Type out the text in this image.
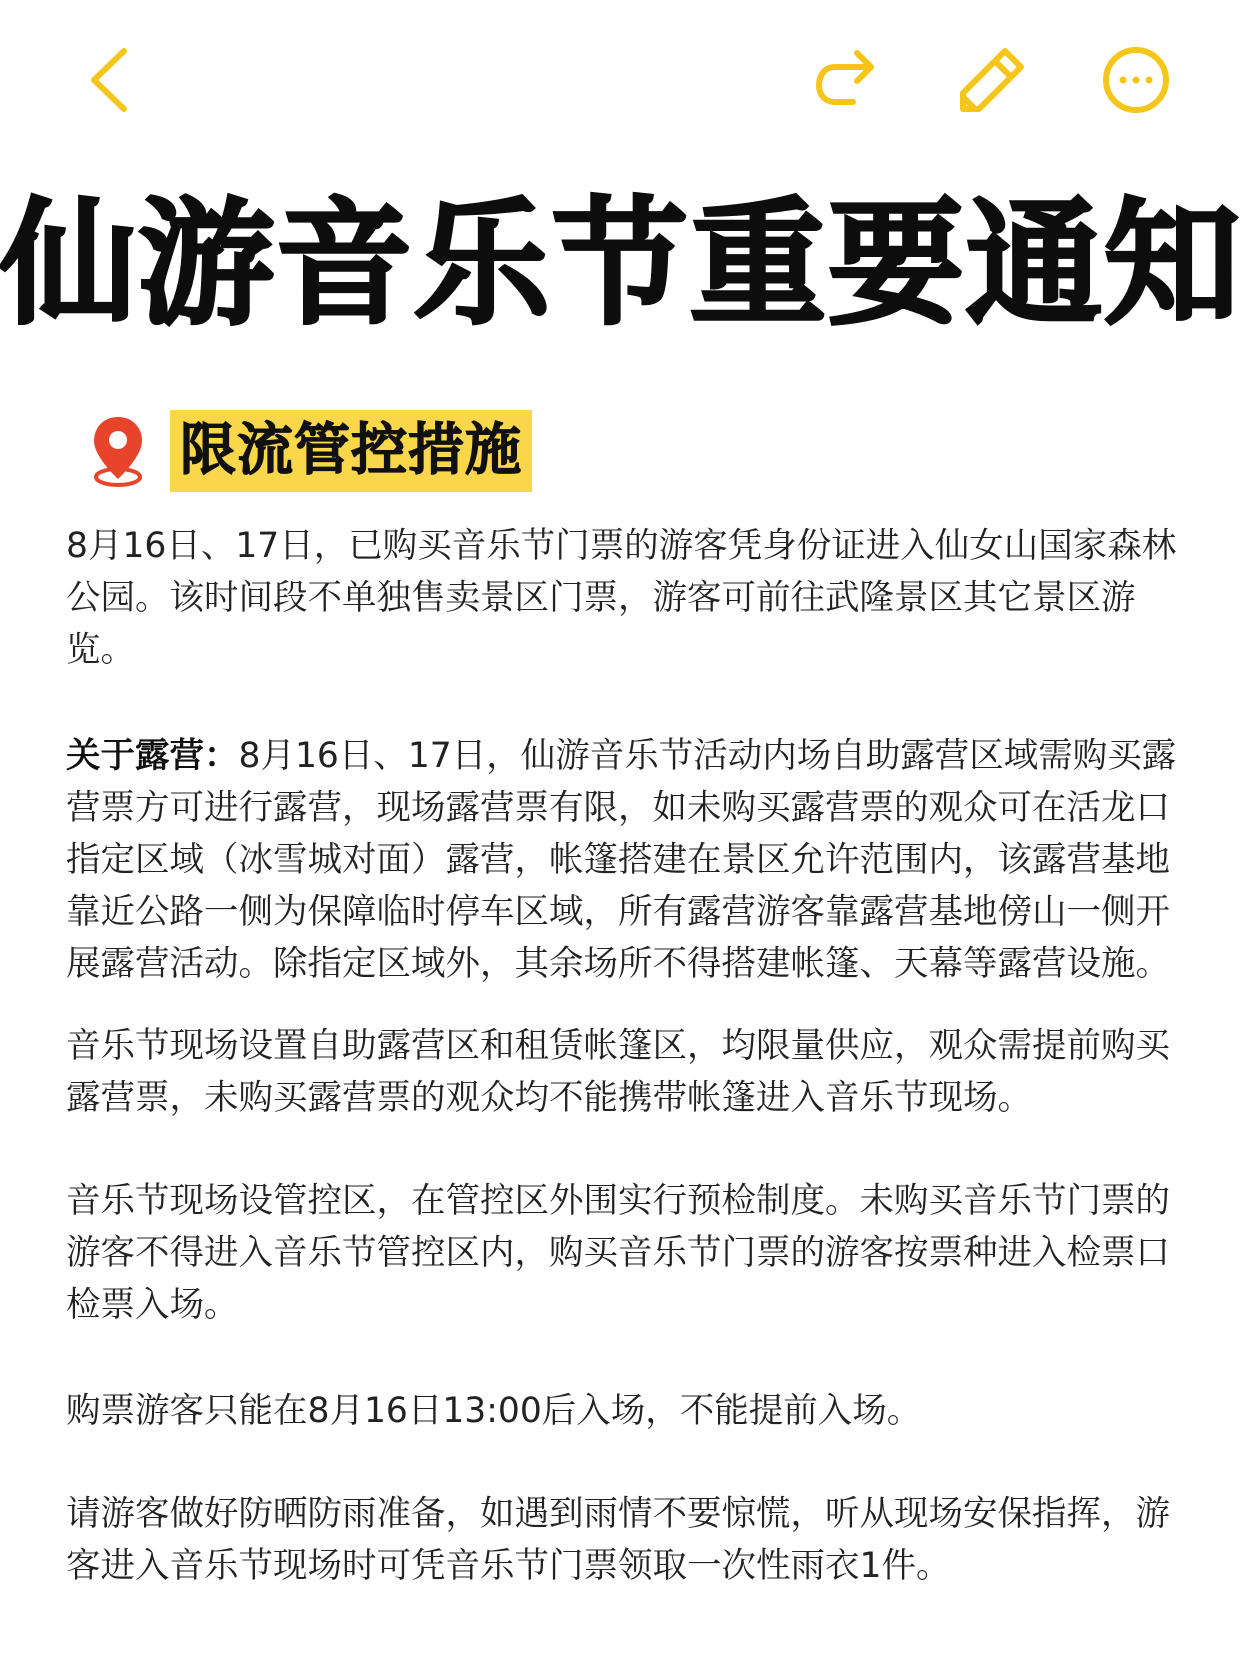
仙游音乐节重要通知
限流管控措施

8月16日、17日，已购买音乐节门票的游客凭身份证进入仙女山国家森林公园。该时间段不单独售卖景区门票，游客可前往武隆景区其它景区游览。

关于露营：8月16日、17日，仙游音乐节活动内场自助露营区域需购买露营票方可进行露营，现场露营票有限，如未购买露营票的观众可在活龙口指定区域（冰雪城对面）露营，帐篷搭建在景区允许范围内，该露营基地靠近公路一侧为保障临时停车区域，所有露营游客靠露营基地傍山一侧开展露营活动。除指定区域外，其余场所不得搭建帐篷、天幕等露营设施。

音乐节现场设置自助露营区和租赁帐篷区，均限量供应，观众需提前购买露营票，未购买露营票的观众均不能携带帐篷进入音乐节现场。

音乐节现场设管控区，在管控区外围实行预检制度。未购买音乐节门票的游客不得进入音乐节管控区内，购买音乐节门票的游客按票种进入检票口检票入场。

购票游客只能在8月16日13:00后入场，不能提前入场。

请游客做好防晒防雨准备，如遇到雨情不要惊慌，听从现场安保指挥，游客进入音乐节现场时可凭音乐节门票领取一次性雨衣1件。
